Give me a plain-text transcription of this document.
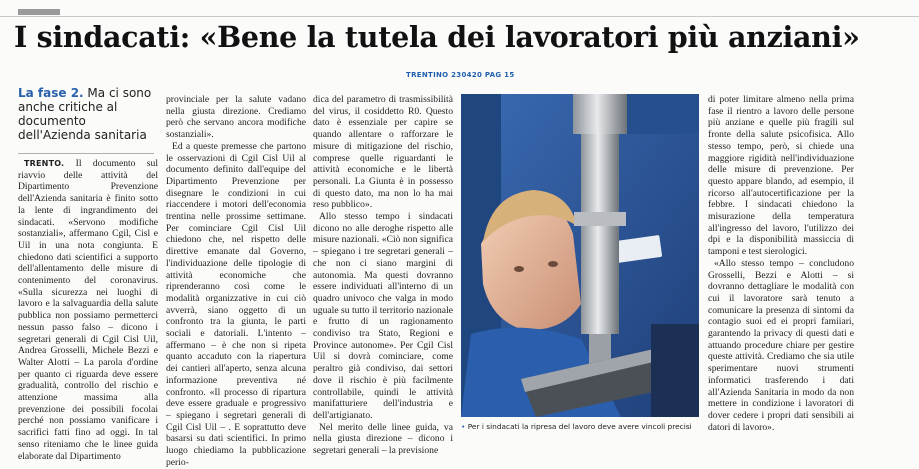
I sindacati: «Bene la tutela dei lavoratori più anziani»
TRENTINO 230420 PAG 15
La fase 2. Ma ci sono anche critiche al documento dell'Azienda sanitaria

TRENTO. Il documento sul riavvio delle attività del Dipartimento Prevenzione dell'Azienda sanitaria è finito sotto la lente di ingrandimento dei sindacati. «Servono modifiche sostanziali», affermano Cgil, Cisl e Uil in una nota congiunta. E chiedono dati scientifici a supporto dell'allentamento delle misure di contenimento del coronavirus. «Sulla sicurezza nei luoghi di lavoro e la salvaguardia della salute pubblica non possiamo permetterci nessun passo falso – dicono i segretari generali di Cgil Cisl Uil, Andrea Grosselli, Michele Bezzi e Walter Alotti – La parola d'ordine per quanto ci riguarda deve essere gradualità, controllo del rischio e attenzione massima alla prevenzione dei possibili focolai perché non possiamo vanificare i sacrifici fatti fino ad oggi. In tal senso riteniamo che le linee guida elaborate dal Dipartimento

provinciale per la salute vadano nella giusta direzione. Crediamo però che servano ancora modifiche sostanziali».

Ed a queste premesse che partono le osservazioni di Cgil Cisl Uil al documento definito dall'equipe del Dipartimento Prevenzione per disegnare le condizioni in cui riaccendere i motori dell'economia trentina nelle prossime settimane. Per cominciare Cgil Cisl Uil chiedono che, nel rispetto delle direttive emanate dal Governo, l'individuazione delle tipologie di attività economiche che riprenderanno così come le modalità organizzative in cui ciò avverrà, siano oggetto di un confronto tra la giunta, le parti sociali e datoriali. L'intento – affermano – è che non si ripeta quanto accaduto con la riapertura dei cantieri all'aperto, senza alcuna informazione preventiva né confronto. «Il processo di ripartura deve essere graduale e progressivo – spiegano i segretari generali di Cgil Cisl Uil – . E soprattutto deve basarsi su dati scientifici. In primo luogo chiediamo la pubblicazione perio-

dica del parametro di trasmissibilità del virus, il cosiddetto R0. Questo dato è essenziale per capire se quando allentare o rafforzare le misure di mitigazione del rischio, comprese quelle riguardanti le attività economiche e le libertà personali. La Giunta è in possesso di questo dato, ma non lo ha mai reso pubblico».

Allo stesso tempo i sindacati dicono no alle deroghe rispetto alle misure nazionali. «Ciò non significa – spiegano i tre segretari generali – che non ci siano margini di autonomia. Ma questi dovranno essere individuati all'interno di un quadro univoco che valga in modo uguale su tutto il territorio nazionale e frutto di un ragionamento condiviso tra Stato, Regioni e Province autonome». Per Cgil Cisl Uil si dovrà cominciare, come peraltro già condiviso, dai settori dove il rischio è più facilmente controllabile, quindi le attività manifatturiere dell'industria e dell'artigianato.

Nel merito delle linee guida, va nella giusta direzione – dicono i segretari generali – la previsione

• Per i sindacati la ripresa del lavoro deve avere vincoli precisi

di poter limitare almeno nella prima fase il rientro a lavoro delle persone più anziane e quelle più fragili sul fronte della salute psicofisica. Allo stesso tempo, però, si chiede una maggiore rigidità nell'individuazione delle misure di prevenzione. Per questo appare blando, ad esempio, il ricorso all'autocertificazione per la febbre. I sindacati chiedono la misurazione della temperatura all'ingresso del lavoro, l'utilizzo dei dpi e la disponibilità massiccia di tamponi e test sierologici.

«Allo stesso tempo – concludono Grosselli, Bezzi e Alotti – si dovranno dettagliare le modalità con cui il lavoratore sarà tenuto a comunicare la presenza di sintomi da contagio suoi ed ei propri famiiari, garantendo la privacy di questi dati e attuando procedure chiare per gestire queste attività. Crediamo che sia utile sperimentare nuovi strumenti informatici trasferendo i dati all'Azienda Sanitaria in modo da non mettere in condizione i lavoratori di dover cedere i propri dati sensibili ai datori di lavoro».
